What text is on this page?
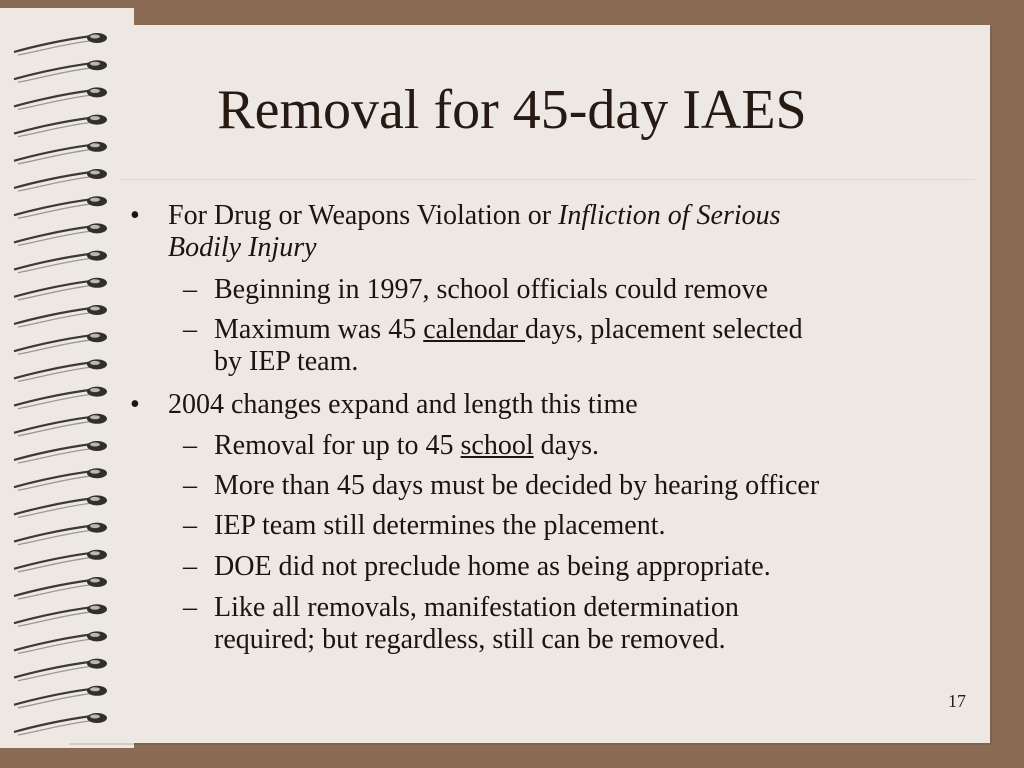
Removal for 45-day IAES
• For Drug or Weapons Violation or Infliction of Serious
Bodily Injury
– Beginning in 1997, school officials could remove
– Maximum was 45 calendar days, placement selected
by IEP team.
• 2004 changes expand and length this time
– Removal for up to 45 school days.
– More than 45 days must be decided by hearing officer
– IEP team still determines the placement.
– DOE did not preclude home as being appropriate.
– Like all removals, manifestation determination
required; but regardless, still can be removed.
17
